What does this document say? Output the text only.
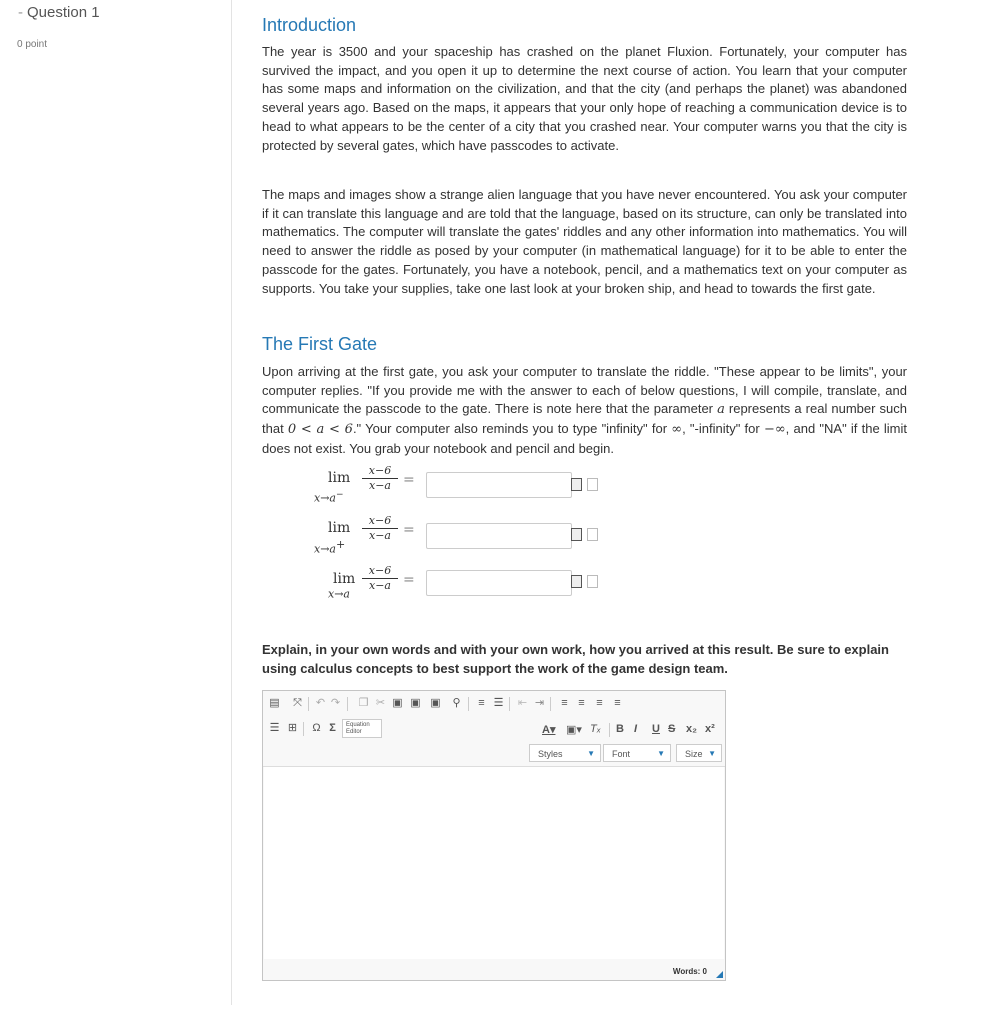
- Question 1
0 point
Introduction

The year is 3500 and your spaceship has crashed on the planet Fluxion. Fortunately, your computer has survived the impact, and you open it up to determine the next course of action. You learn that your computer has some maps and information on the civilization, and that the city (and perhaps the planet) was abandoned several years ago. Based on the maps, it appears that your only hope of reaching a communication device is to head to what appears to be the center of a city that you crashed near. Your computer warns you that the city is protected by several gates, which have passcodes to activate.

The maps and images show a strange alien language that you have never encountered. You ask your computer if it can translate this language and are told that the language, based on its structure, can only be translated into mathematics. The computer will translate the gates' riddles and any other information into mathematics. You will need to answer the riddle as posed by your computer (in mathematical language) for it to be able to enter the passcode for the gates. Fortunately, you have a notebook, pencil, and a mathematics text on your computer as supports. You take your supplies, take one last look at your broken ship, and head to towards the first gate.

The First Gate

Upon arriving at the first gate, you ask your computer to translate the riddle. "These appear to be limits", your computer replies. "If you provide me with the answer to each of below questions, I will compile, translate, and communicate the passcode to the gate. There is note here that the parameter a represents a real number such that 0 < a < 6." Your computer also reminds you to type "infinity" for ∞, "-infinity" for −∞, and "NA" if the limit does not exist. You grab your notebook and pencil and begin.

lim
x→a−
$\frac{x-6}{x-a}$ =
lim
x→a+
$\frac{x-6}{x-a}$ =
lim
x→a
$\frac{x-6}{x-a}$ =

Explain, in your own words and with your own work, how you arrived at this result. Be sure to explain using calculus concepts to best support the work of the game design team.

▤ ⤧ ↶ ↷ ❐ ✂ ▣ ▣ ▣ ⚲ ≡ ☰ ⇤ ⇥ ≡ ≡ ≡ ≡
☰ ⊞ Ω Σ	Equation
Editor	A▾ ▣▾ Tₓ B I U S x₂ x²
Styles	▼	Font	▼	Size ▼
Words: 0
